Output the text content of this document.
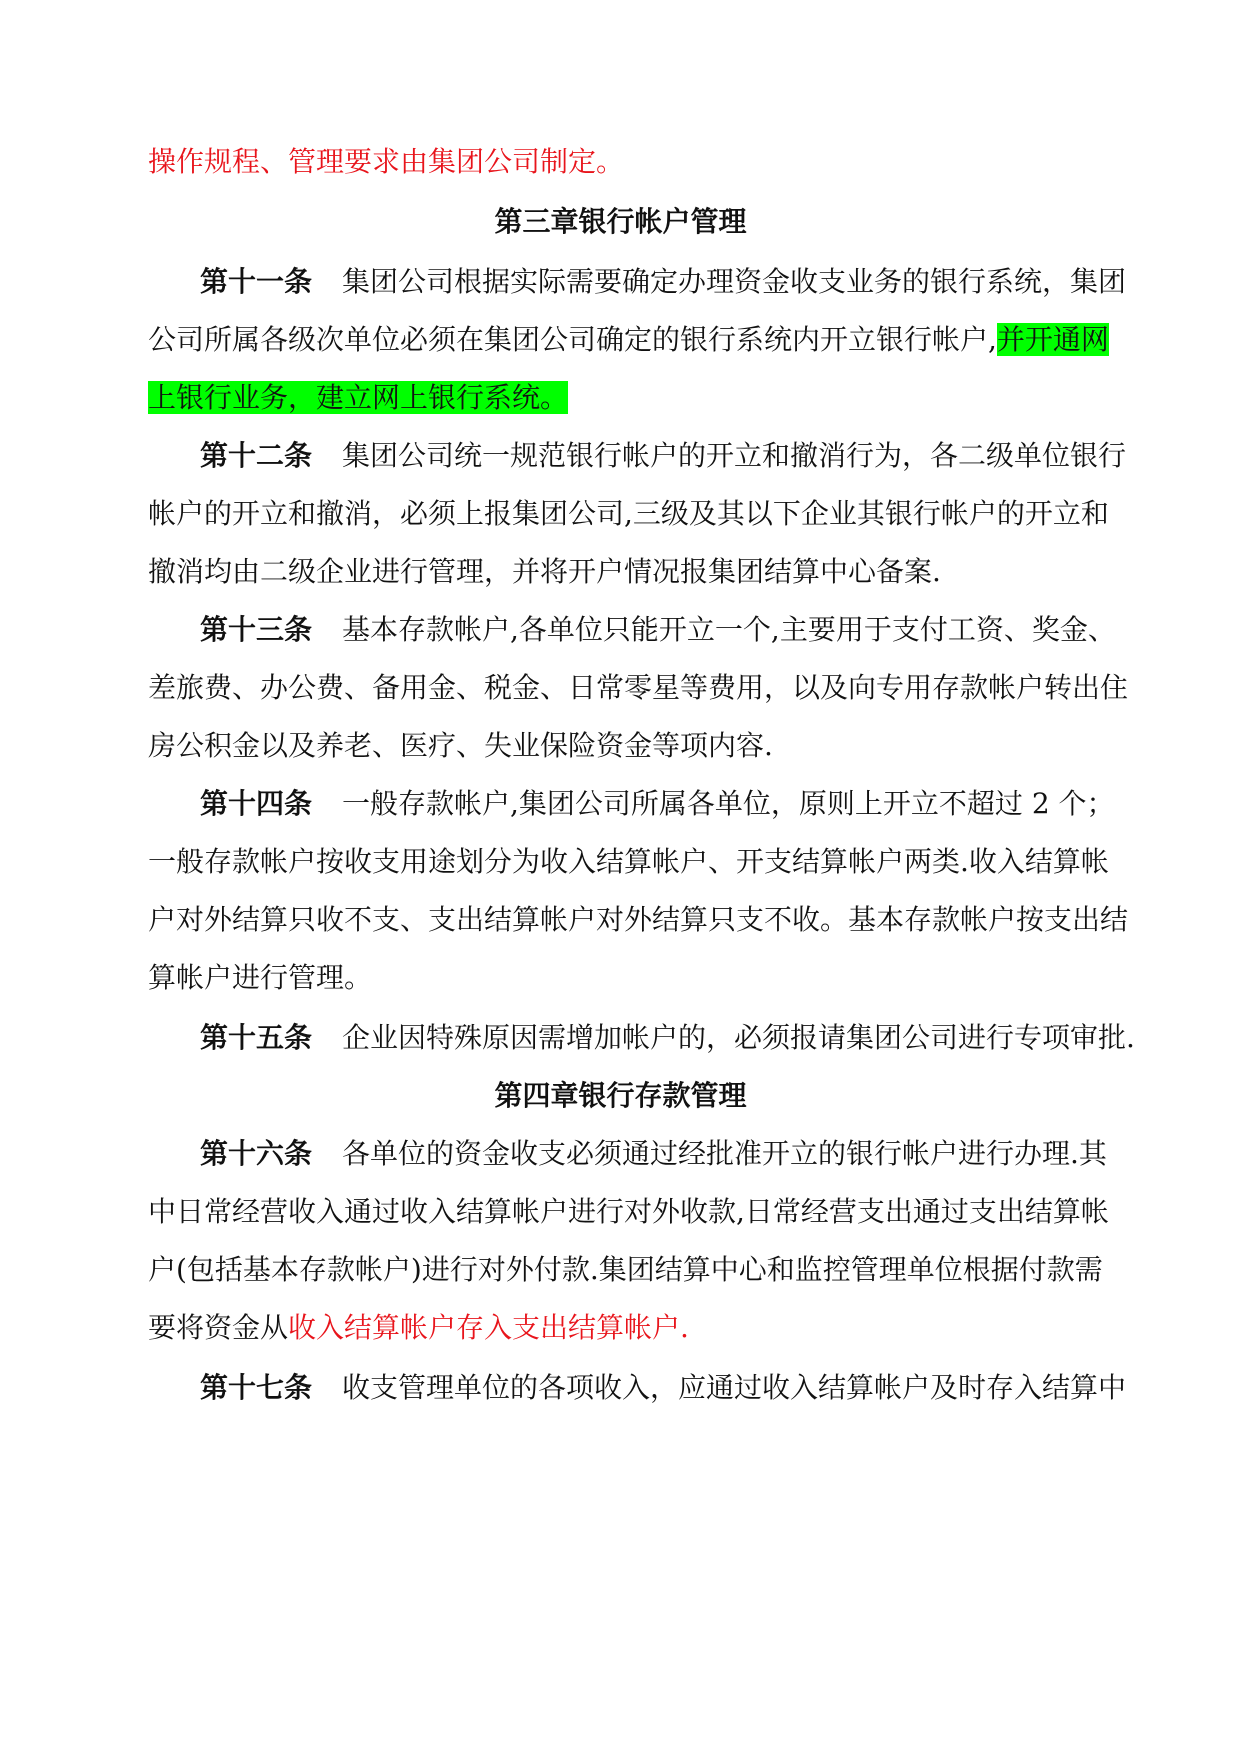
操作规程、管理要求由集团公司制定。

第三章银行帐户管理

第十一条 集团公司根据实际需要确定办理资金收支业务的银行系统，集团

公司所属各级次单位必须在集团公司确定的银行系统内开立银行帐户,并开通网

上银行业务，建立网上银行系统。

第十二条 集团公司统一规范银行帐户的开立和撤消行为，各二级单位银行

帐户的开立和撤消，必须上报集团公司,三级及其以下企业其银行帐户的开立和

撤消均由二级企业进行管理，并将开户情况报集团结算中心备案.

第十三条 基本存款帐户,各单位只能开立一个,主要用于支付工资、奖金、

差旅费、办公费、备用金、税金、日常零星等费用，以及向专用存款帐户转出住

房公积金以及养老、医疗、失业保险资金等项内容.

第十四条 一般存款帐户,集团公司所属各单位，原则上开立不超过 2 个；

一般存款帐户按收支用途划分为收入结算帐户、开支结算帐户两类.收入结算帐

户对外结算只收不支、支出结算帐户对外结算只支不收。基本存款帐户按支出结

算帐户进行管理。

第十五条 企业因特殊原因需增加帐户的，必须报请集团公司进行专项审批.

第四章银行存款管理

第十六条 各单位的资金收支必须通过经批准开立的银行帐户进行办理.其

中日常经营收入通过收入结算帐户进行对外收款,日常经营支出通过支出结算帐

户(包括基本存款帐户)进行对外付款.集团结算中心和监控管理单位根据付款需

要将资金从收入结算帐户存入支出结算帐户.

第十七条 收支管理单位的各项收入，应通过收入结算帐户及时存入结算中
